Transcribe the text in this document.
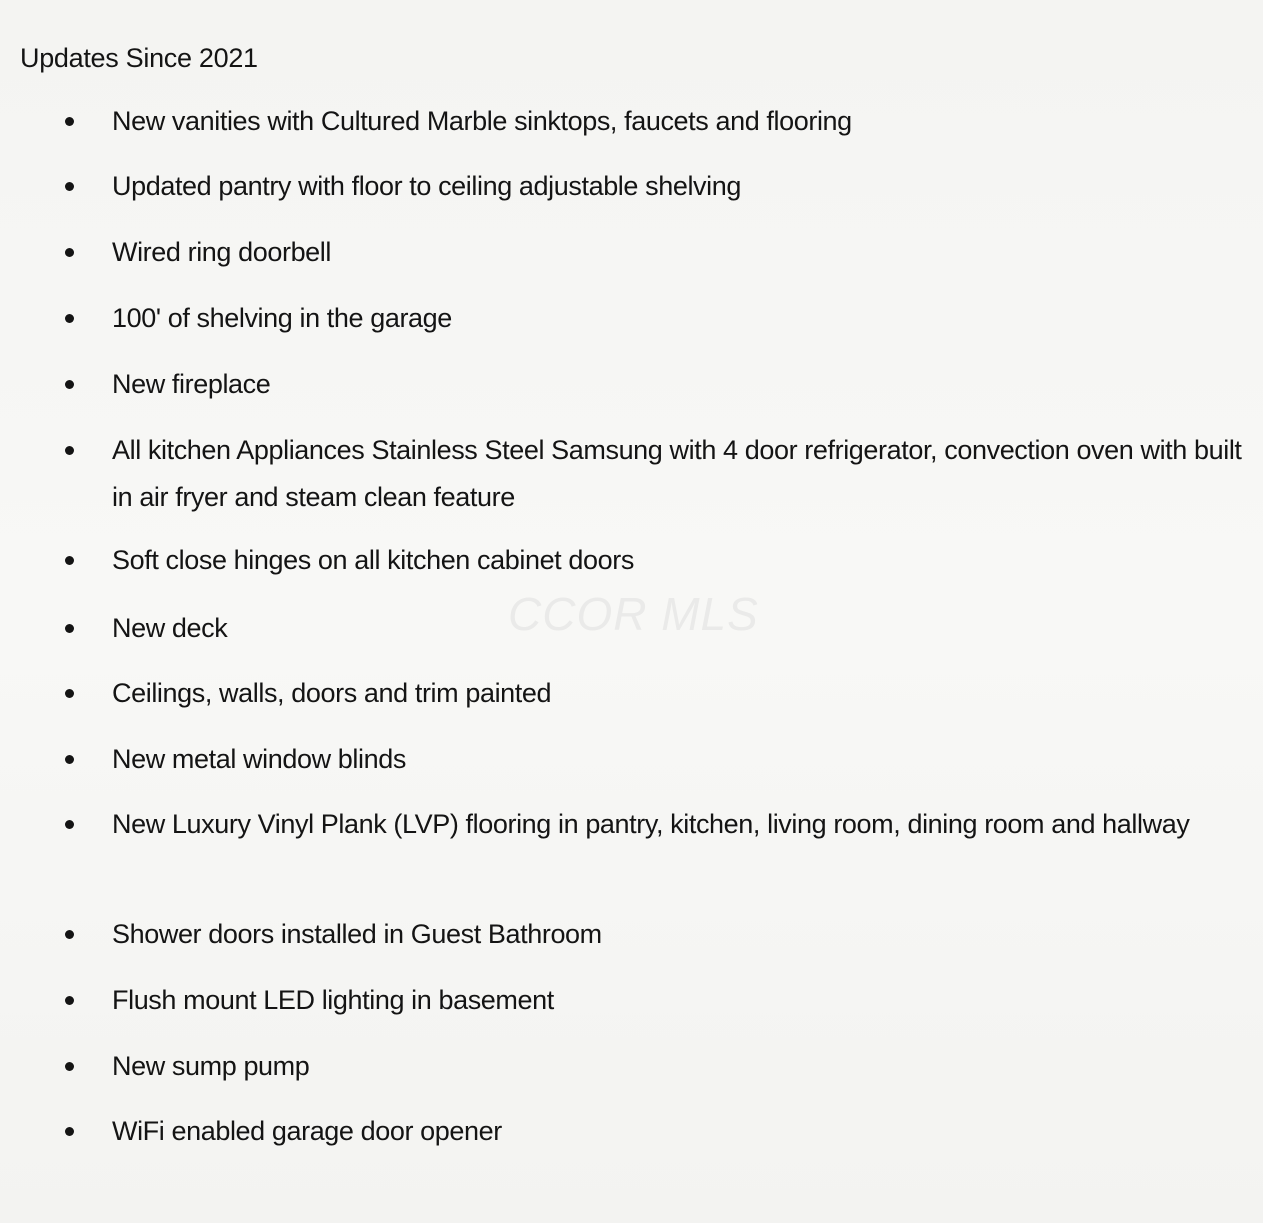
Updates Since 2021
New vanities with Cultured Marble sinktops, faucets and flooring
Updated pantry with floor to ceiling adjustable shelving
Wired ring doorbell
100' of shelving in the garage
New fireplace
All kitchen Appliances Stainless Steel Samsung with 4 door refrigerator, convection oven with built in air fryer and steam clean feature
Soft close hinges on all kitchen cabinet doors
New deck
Ceilings, walls, doors and trim painted
New metal window blinds
New Luxury Vinyl Plank (LVP) flooring in pantry, kitchen, living room, dining room and hallway
Shower doors installed in Guest Bathroom
Flush mount LED lighting in basement
New sump pump
WiFi enabled garage door opener
CCOR MLS
